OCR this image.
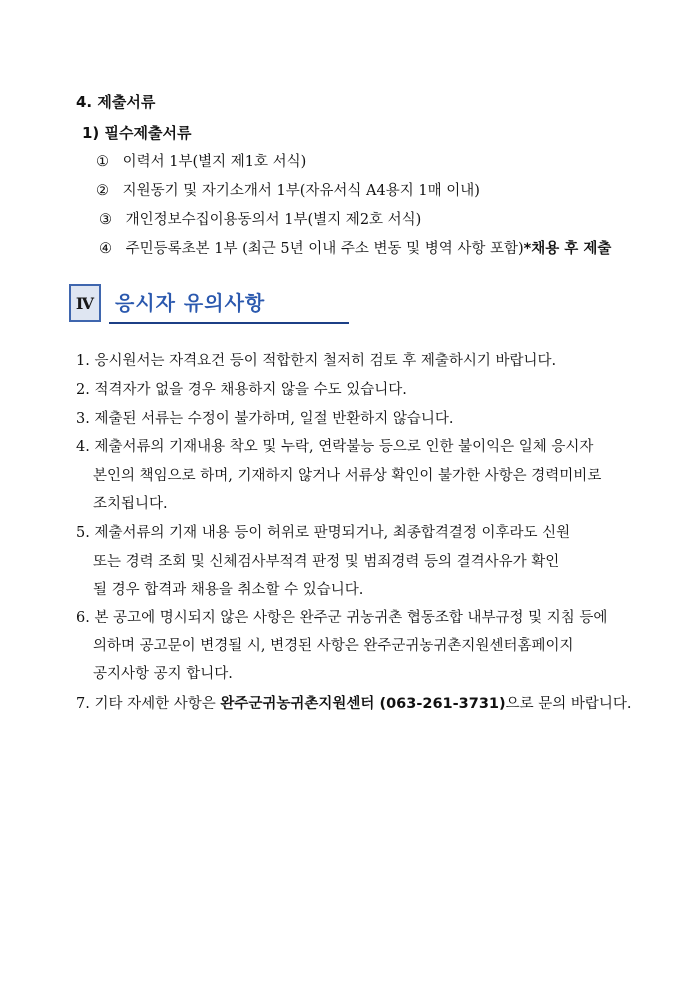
4. 제출서류
1) 필수제출서류
① 이력서 1부(별지 제1호 서식)
② 지원동기 및 자기소개서 1부(자유서식 A4용지 1매 이내)
③ 개인정보수집이용동의서 1부(별지 제2호 서식)
④ 주민등록초본 1부 (최근 5년 이내 주소 변동 및 병역 사항 포함)*채용 후 제출
Ⅳ	응시자 유의사항
1. 응시원서는 자격요건 등이 적합한지 철저히 검토 후 제출하시기 바랍니다.
2. 적격자가 없을 경우 채용하지 않을 수도 있습니다.
3. 제출된 서류는 수정이 불가하며, 일절 반환하지 않습니다.
4. 제출서류의 기재내용 착오 및 누락, 연락불능 등으로 인한 불이익은 일체 응시자
본인의 책임으로 하며, 기재하지 않거나 서류상 확인이 불가한 사항은 경력미비로
조치됩니다.
5. 제출서류의 기재 내용 등이 허위로 판명되거나, 최종합격결정 이후라도 신원
또는 경력 조회 및 신체검사부적격 판정 및 범죄경력 등의 결격사유가 확인
될 경우 합격과 채용을 취소할 수 있습니다.
6. 본 공고에 명시되지 않은 사항은 완주군 귀농귀촌 협동조합 내부규정 및 지침 등에
의하며 공고문이 변경될 시, 변경된 사항은 완주군귀농귀촌지원센터홈페이지
공지사항 공지 합니다.
7. 기타 자세한 사항은 완주군귀농귀촌지원센터 (063-261-3731)으로 문의 바랍니다.
